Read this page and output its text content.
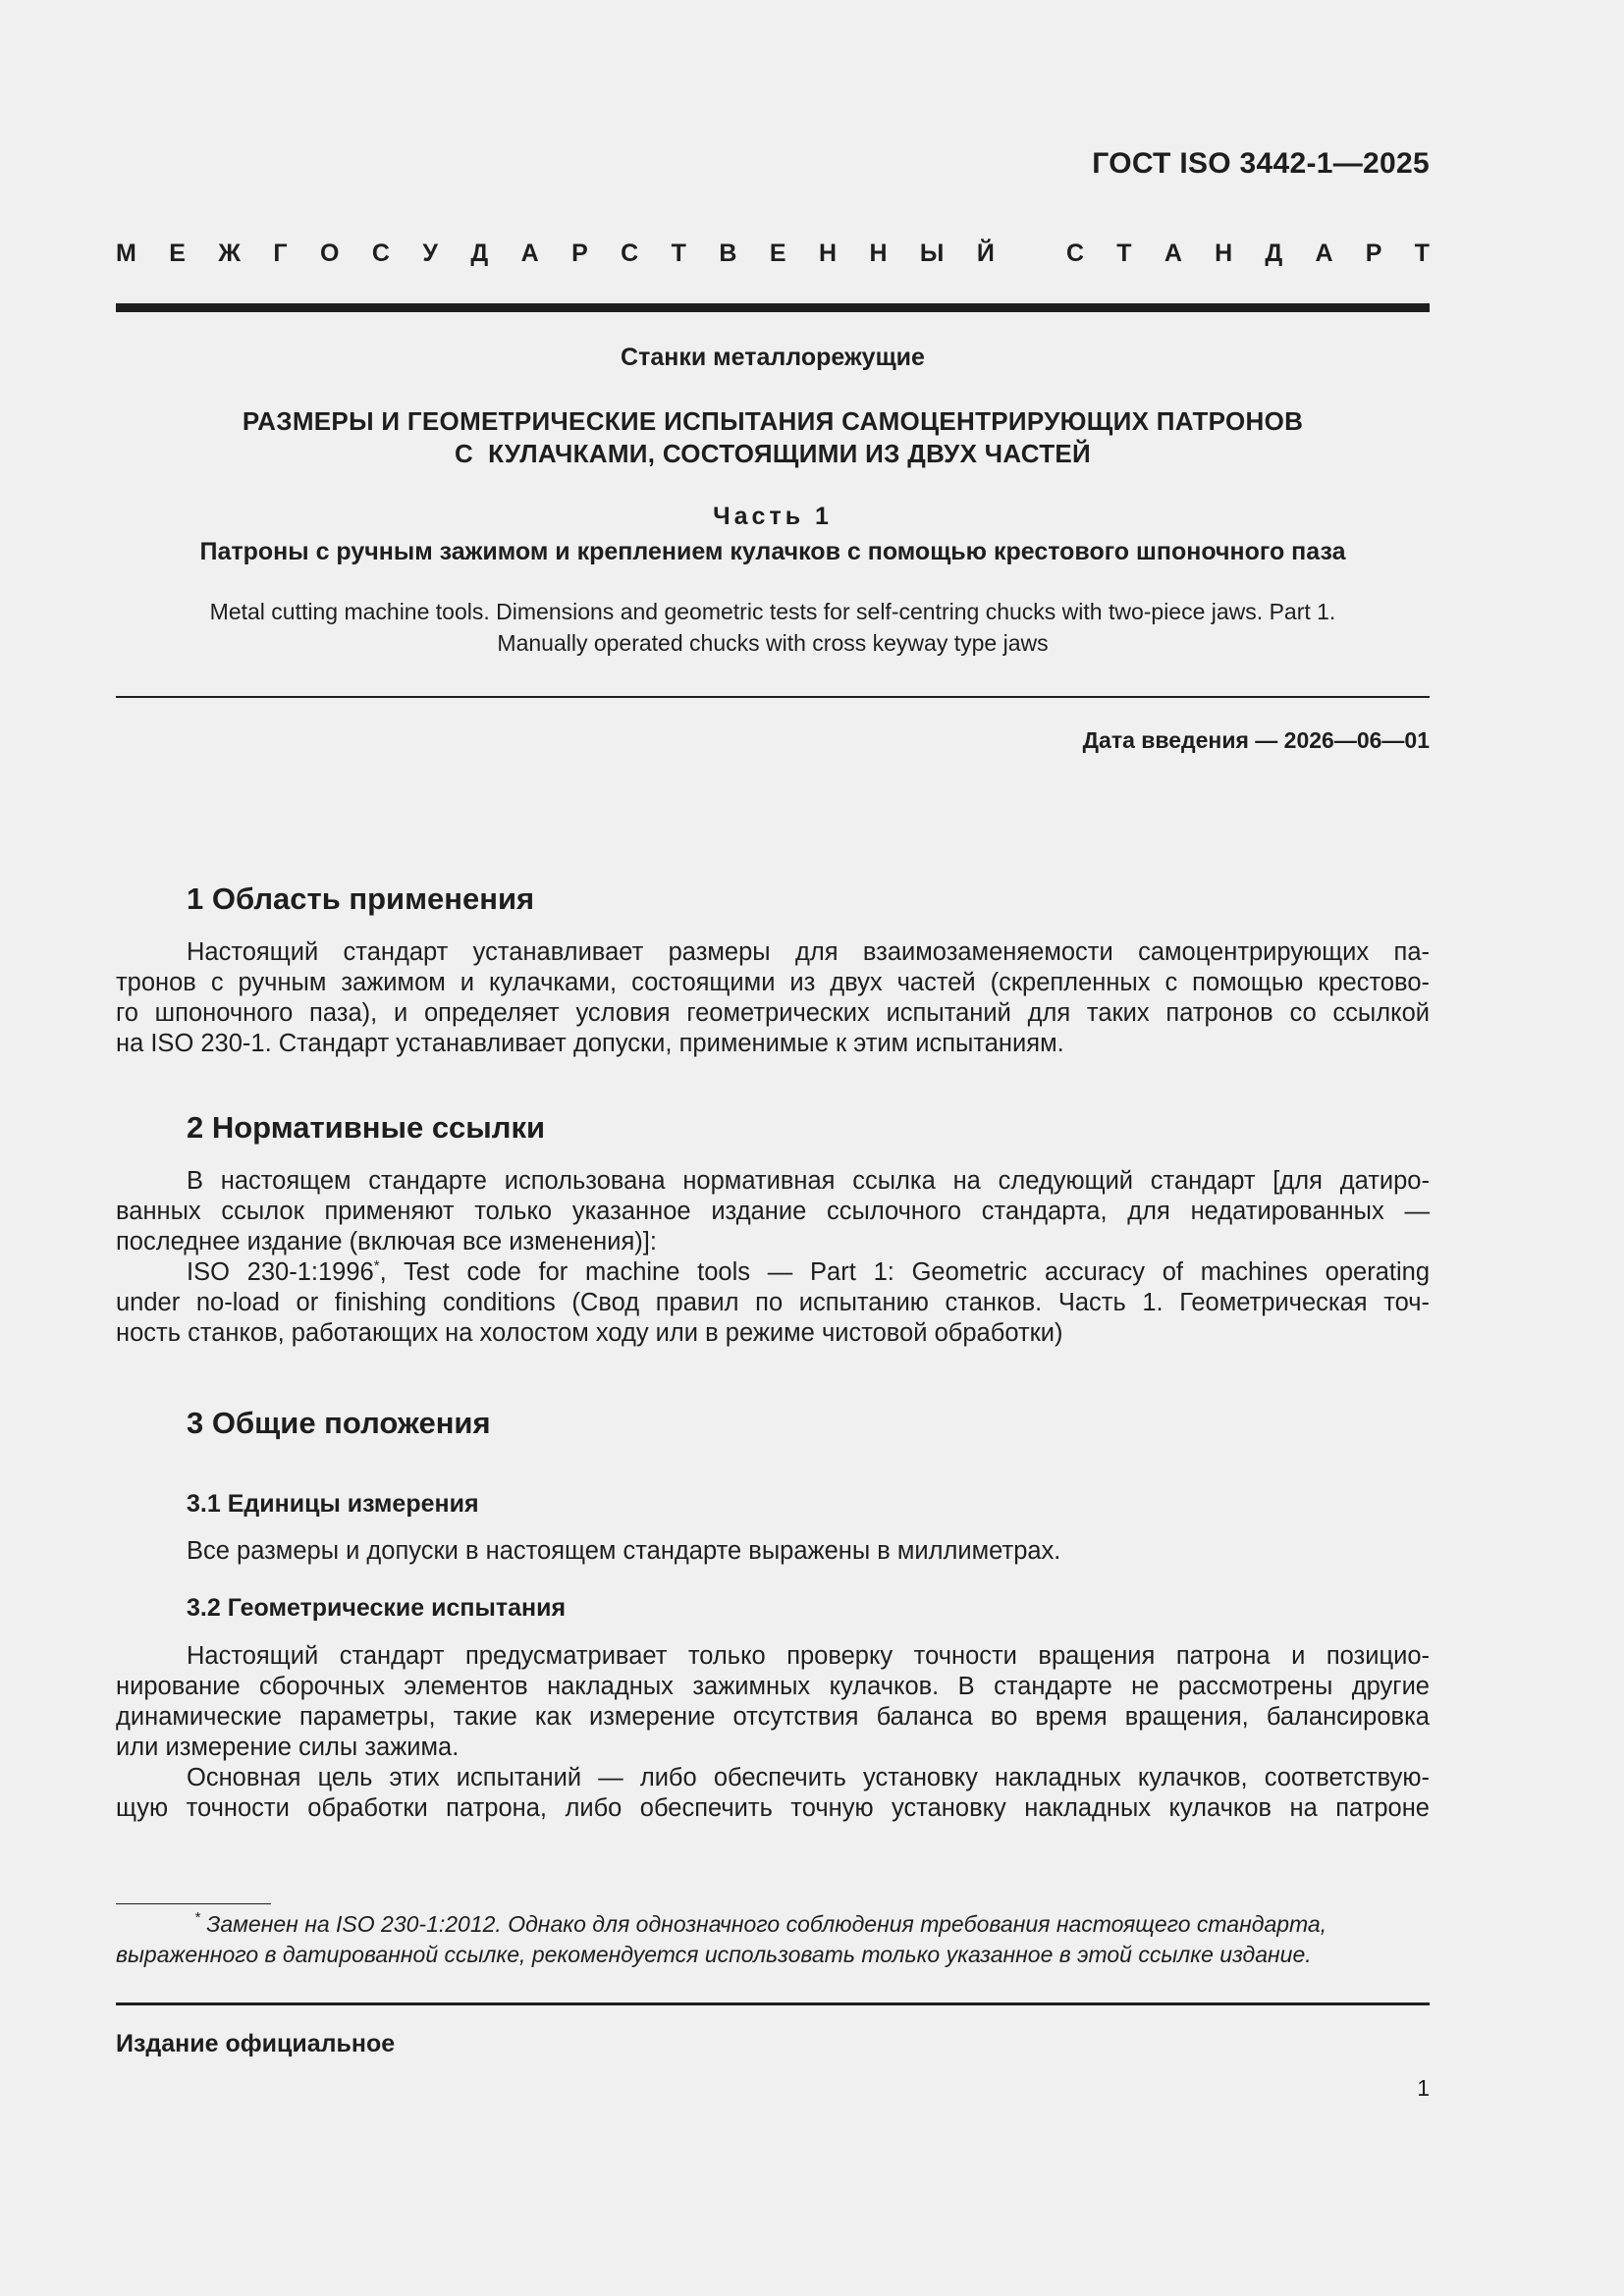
ГОСТ ISO 3442-1—2025
М Е Ж Г О С У Д А Р С Т В Е Н Н Ы Й	С Т А Н Д А Р Т
Станки металлорежущие
РАЗМЕРЫ И ГЕОМЕТРИЧЕСКИЕ ИСПЫТАНИЯ САМОЦЕНТРИРУЮЩИХ ПАТРОНОВ
С  КУЛАЧКАМИ, СОСТОЯЩИМИ ИЗ ДВУХ ЧАСТЕЙ
Часть 1
Патроны с ручным зажимом и креплением кулачков с помощью крестового шпоночного паза
Metal cutting machine tools. Dimensions and geometric tests for self-centring chucks with two-piece jaws. Part 1.
Manually operated chucks with cross keyway type jaws
Дата введения — 2026—06—01
1 Область применения
Настоящий стандарт устанавливает размеры для взаимозаменяемости самоцентрирующих па-
тронов с ручным зажимом и кулачками, состоящими из двух частей (скрепленных с помощью крестово-
го шпоночного паза), и определяет условия геометрических испытаний для таких патронов со ссылкой
на ISO 230-1. Стандарт устанавливает допуски, применимые к этим испытаниям.
2 Нормативные ссылки
В настоящем стандарте использована нормативная ссылка на следующий стандарт [для датиро-
ванных ссылок применяют только указанное издание ссылочного стандарта, для недатированных —
последнее издание (включая все изменения)]:
ISO 230-1:1996*, Test code for machine tools — Part 1: Geometric accuracy of machines operating
under no-load or finishing conditions (Свод правил по испытанию станков. Часть 1. Геометрическая точ-
ность станков, работающих на холостом ходу или в режиме чистовой обработки)
3 Общие положения
3.1 Единицы измерения
Все размеры и допуски в настоящем стандарте выражены в миллиметрах.
3.2 Геометрические испытания
Настоящий стандарт предусматривает только проверку точности вращения патрона и позицио-
нирование сборочных элементов накладных зажимных кулачков. В стандарте не рассмотрены другие
динамические параметры, такие как измерение отсутствия баланса во время вращения, балансировка
или измерение силы зажима.
Основная цель этих испытаний — либо обеспечить установку накладных кулачков, соответствую-
щую точности обработки патрона, либо обеспечить точную установку накладных кулачков на патроне
* Заменен на ISO 230-1:2012. Однако для однозначного соблюдения требования настоящего стандарта,
выраженного в датированной ссылке, рекомендуется использовать только указанное в этой ссылке издание.
Издание официальное
1
